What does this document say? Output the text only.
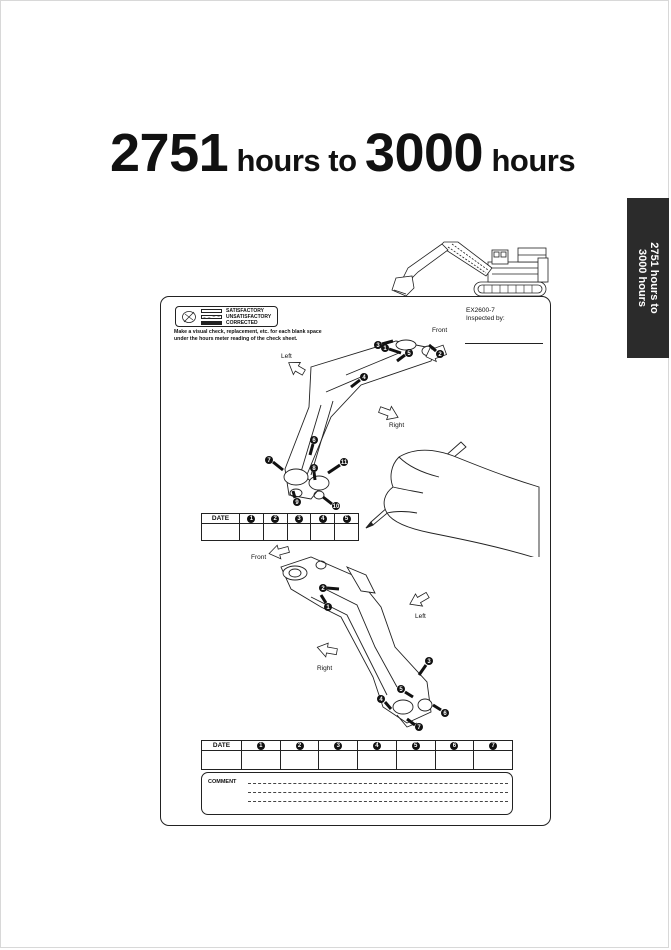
2751 hours to 3000 hours
2751 hours to
3000 hours
SATISFACTORY
UNSATISFACTORY
CORRECTED
Make a visual check, replacement, etc. for each blank space under the hours meter reading of the check sheet.
EX2600-7
Inspected by:
1
2
3
4
5
6
7
8
9
10
11
Front
Left
Right
DATE	1	2	3	4	5

1
2
3
4
5
6
7
Front
Left
Right
DATE	1	2	3	4	5	6	7

COMMENT
